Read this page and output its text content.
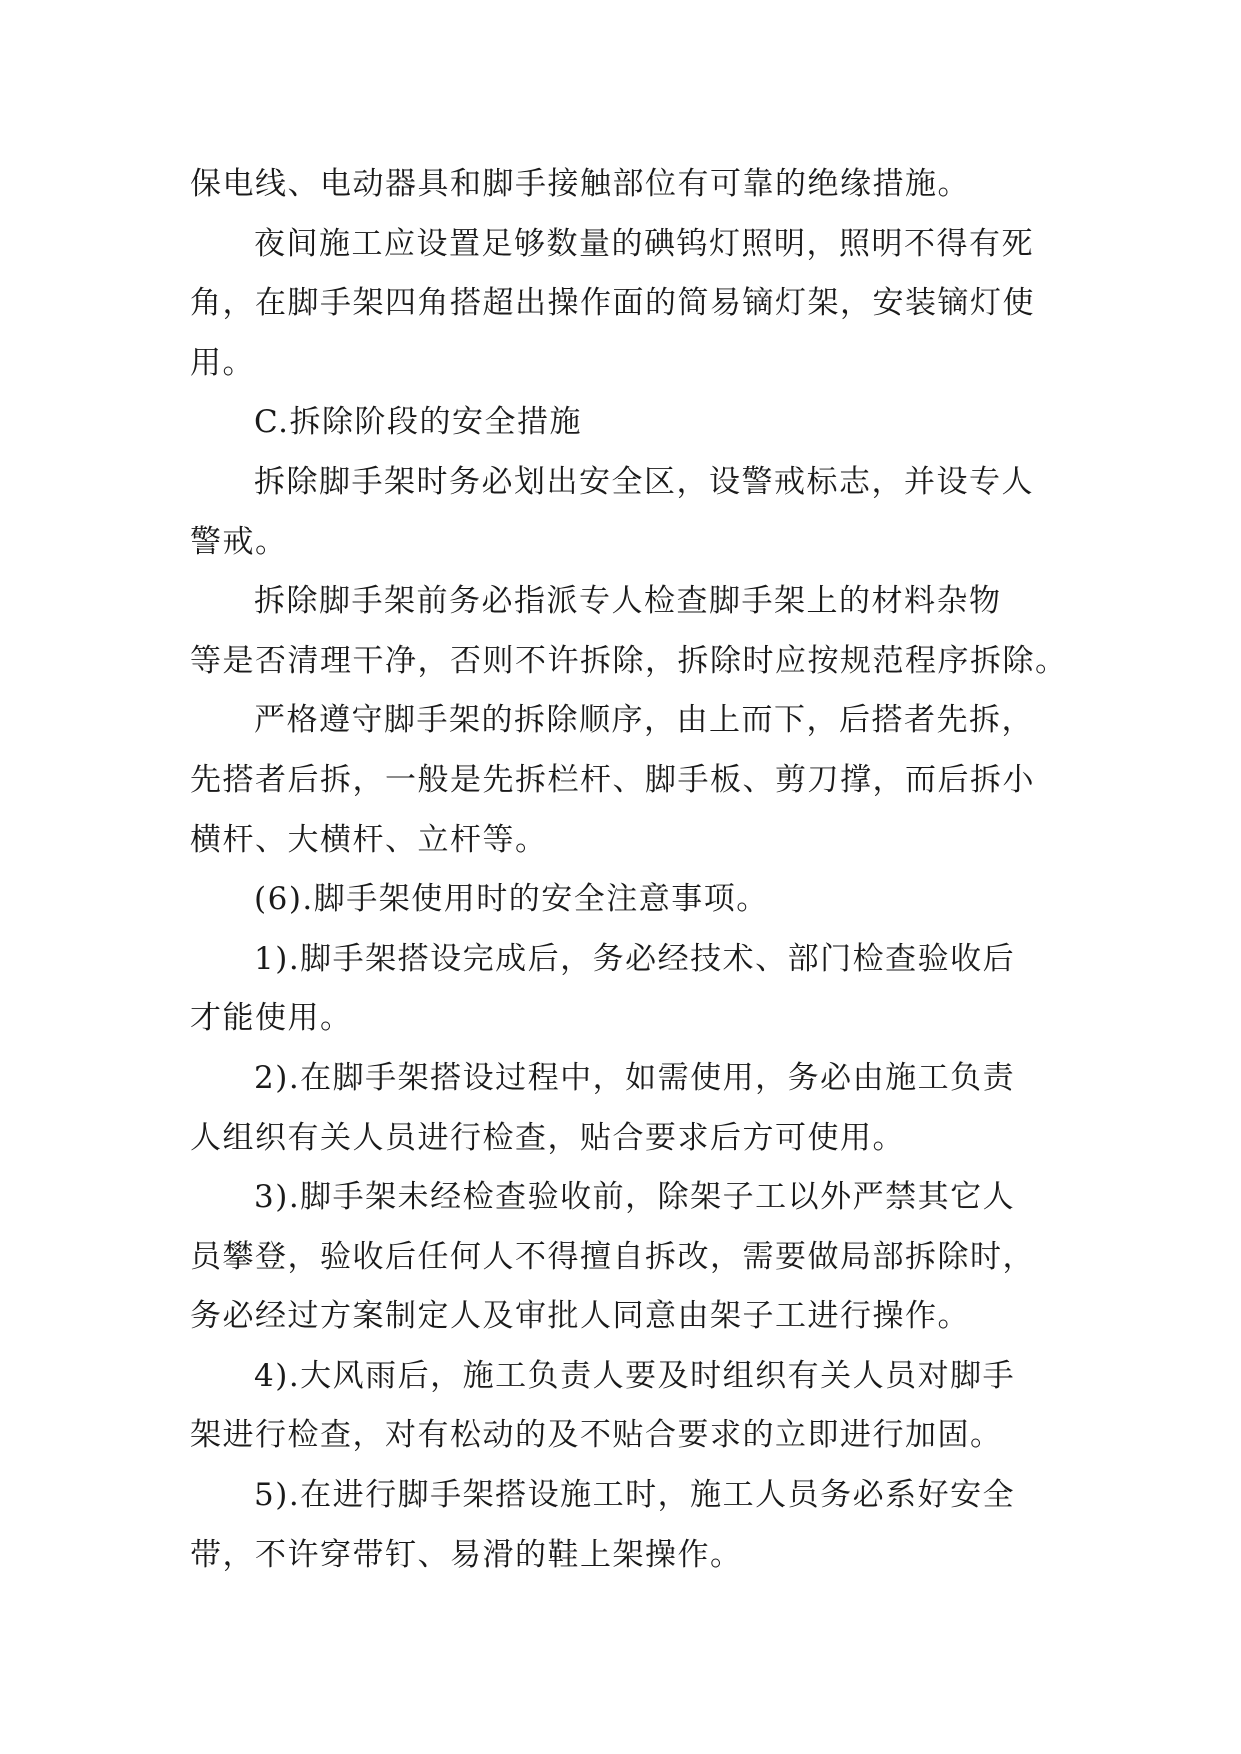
保电线、电动器具和脚手接触部位有可靠的绝缘措施。
夜间施工应设置足够数量的碘钨灯照明，照明不得有死
角，在脚手架四角搭超出操作面的简易镝灯架，安装镝灯使
用。
C.拆除阶段的安全措施
拆除脚手架时务必划出安全区，设警戒标志，并设专人
警戒。
拆除脚手架前务必指派专人检查脚手架上的材料杂物
等是否清理干净，否则不许拆除，拆除时应按规范程序拆除。
严格遵守脚手架的拆除顺序，由上而下，后搭者先拆，
先搭者后拆，一般是先拆栏杆、脚手板、剪刀撑，而后拆小
横杆、大横杆、立杆等。
(6).脚手架使用时的安全注意事项。
1).脚手架搭设完成后，务必经技术、部门检查验收后
才能使用。
2).在脚手架搭设过程中，如需使用，务必由施工负责
人组织有关人员进行检查，贴合要求后方可使用。
3).脚手架未经检查验收前，除架子工以外严禁其它人
员攀登，验收后任何人不得擅自拆改，需要做局部拆除时，
务必经过方案制定人及审批人同意由架子工进行操作。
4).大风雨后，施工负责人要及时组织有关人员对脚手
架进行检查，对有松动的及不贴合要求的立即进行加固。
5).在进行脚手架搭设施工时，施工人员务必系好安全
带，不许穿带钉、易滑的鞋上架操作。
